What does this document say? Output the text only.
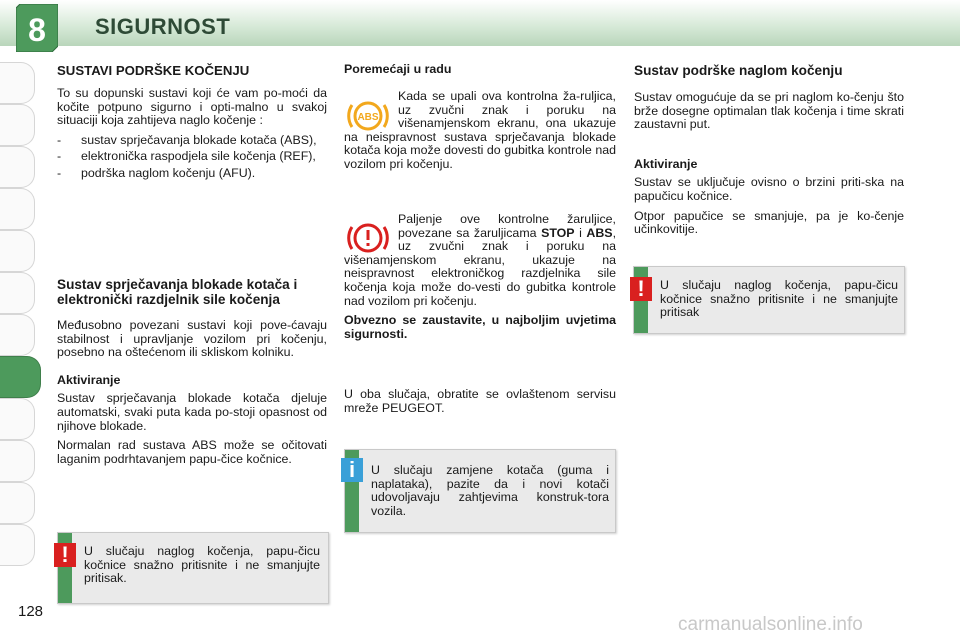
8 SIGURNOST
SUSTAVI PODRŠKE KOČENJU

To su dopunski sustavi koji će vam po-moći da kočite potpuno sigurno i opti-malno u svakoj situaciji koja zahtijeva naglo kočenje :

- sustav sprječavanja blokade kotača (ABS),
- elektronička raspodjela sile kočenja (REF),
- podrška naglom kočenju (AFU).
Sustav sprječavanja blokade kotača i elektronički razdjelnik sile kočenja

Međusobno povezani sustavi koji pove-ćavaju stabilnost i upravljanje vozilom pri kočenju, posebno na oštećenom ili skliskom kolniku.

Aktiviranje

Sustav sprječavanja blokade kotača djeluje automatski, svaki puta kada po-stoji opasnost od njihove blokade.

Normalan rad sustava ABS može se očitovati laganim podrhtavanjem papu-čice kočnice.

!	U slučaju naglog kočenja, papu-čicu kočnice snažno pritisnite i ne smanjujte pritisak.
Poremećaji u radu
ABS

Kada se upali ova kontrolna ža-ruljica, uz zvučni znak i poruku na višenamjenskom ekranu, ona ukazuje na neispravnost sustava sprječavanja blokade kotača koja može dovesti do gubitka kontrole nad vozilom pri kočenju.

Paljenje ove kontrolne žaruljice, povezane sa žaruljicama STOP i ABS, uz zvučni znak i poruku na višenamjenskom ekranu, ukazuje na neispravnost elektroničkog razdjelnika sile kočenja koja može do-vesti do gubitka kontrole nad vozilom pri kočenju.

Obvezno se zaustavite, u najboljim uvjetima sigurnosti.

U oba slučaja, obratite se ovlaštenom servisu mreže PEUGEOT.

i	U slučaju zamjene kotača (guma i naplataka), pazite da i novi kotači udovoljavaju zahtjevima konstruk-tora vozila.
Sustav podrške naglom kočenju

Sustav omogućuje da se pri naglom ko-čenju što brže dosegne optimalan tlak kočenja i time skrati zaustavni put.

Aktiviranje

Sustav se uključuje ovisno o brzini priti-ska na papučicu kočnice.

Otpor papučice se smanjuje, pa je ko-čenje učinkovitije.

!	U slučaju naglog kočenja, papu-čicu kočnice snažno pritisnite i ne smanjujte pritisak
128
carmanualsonline.info
